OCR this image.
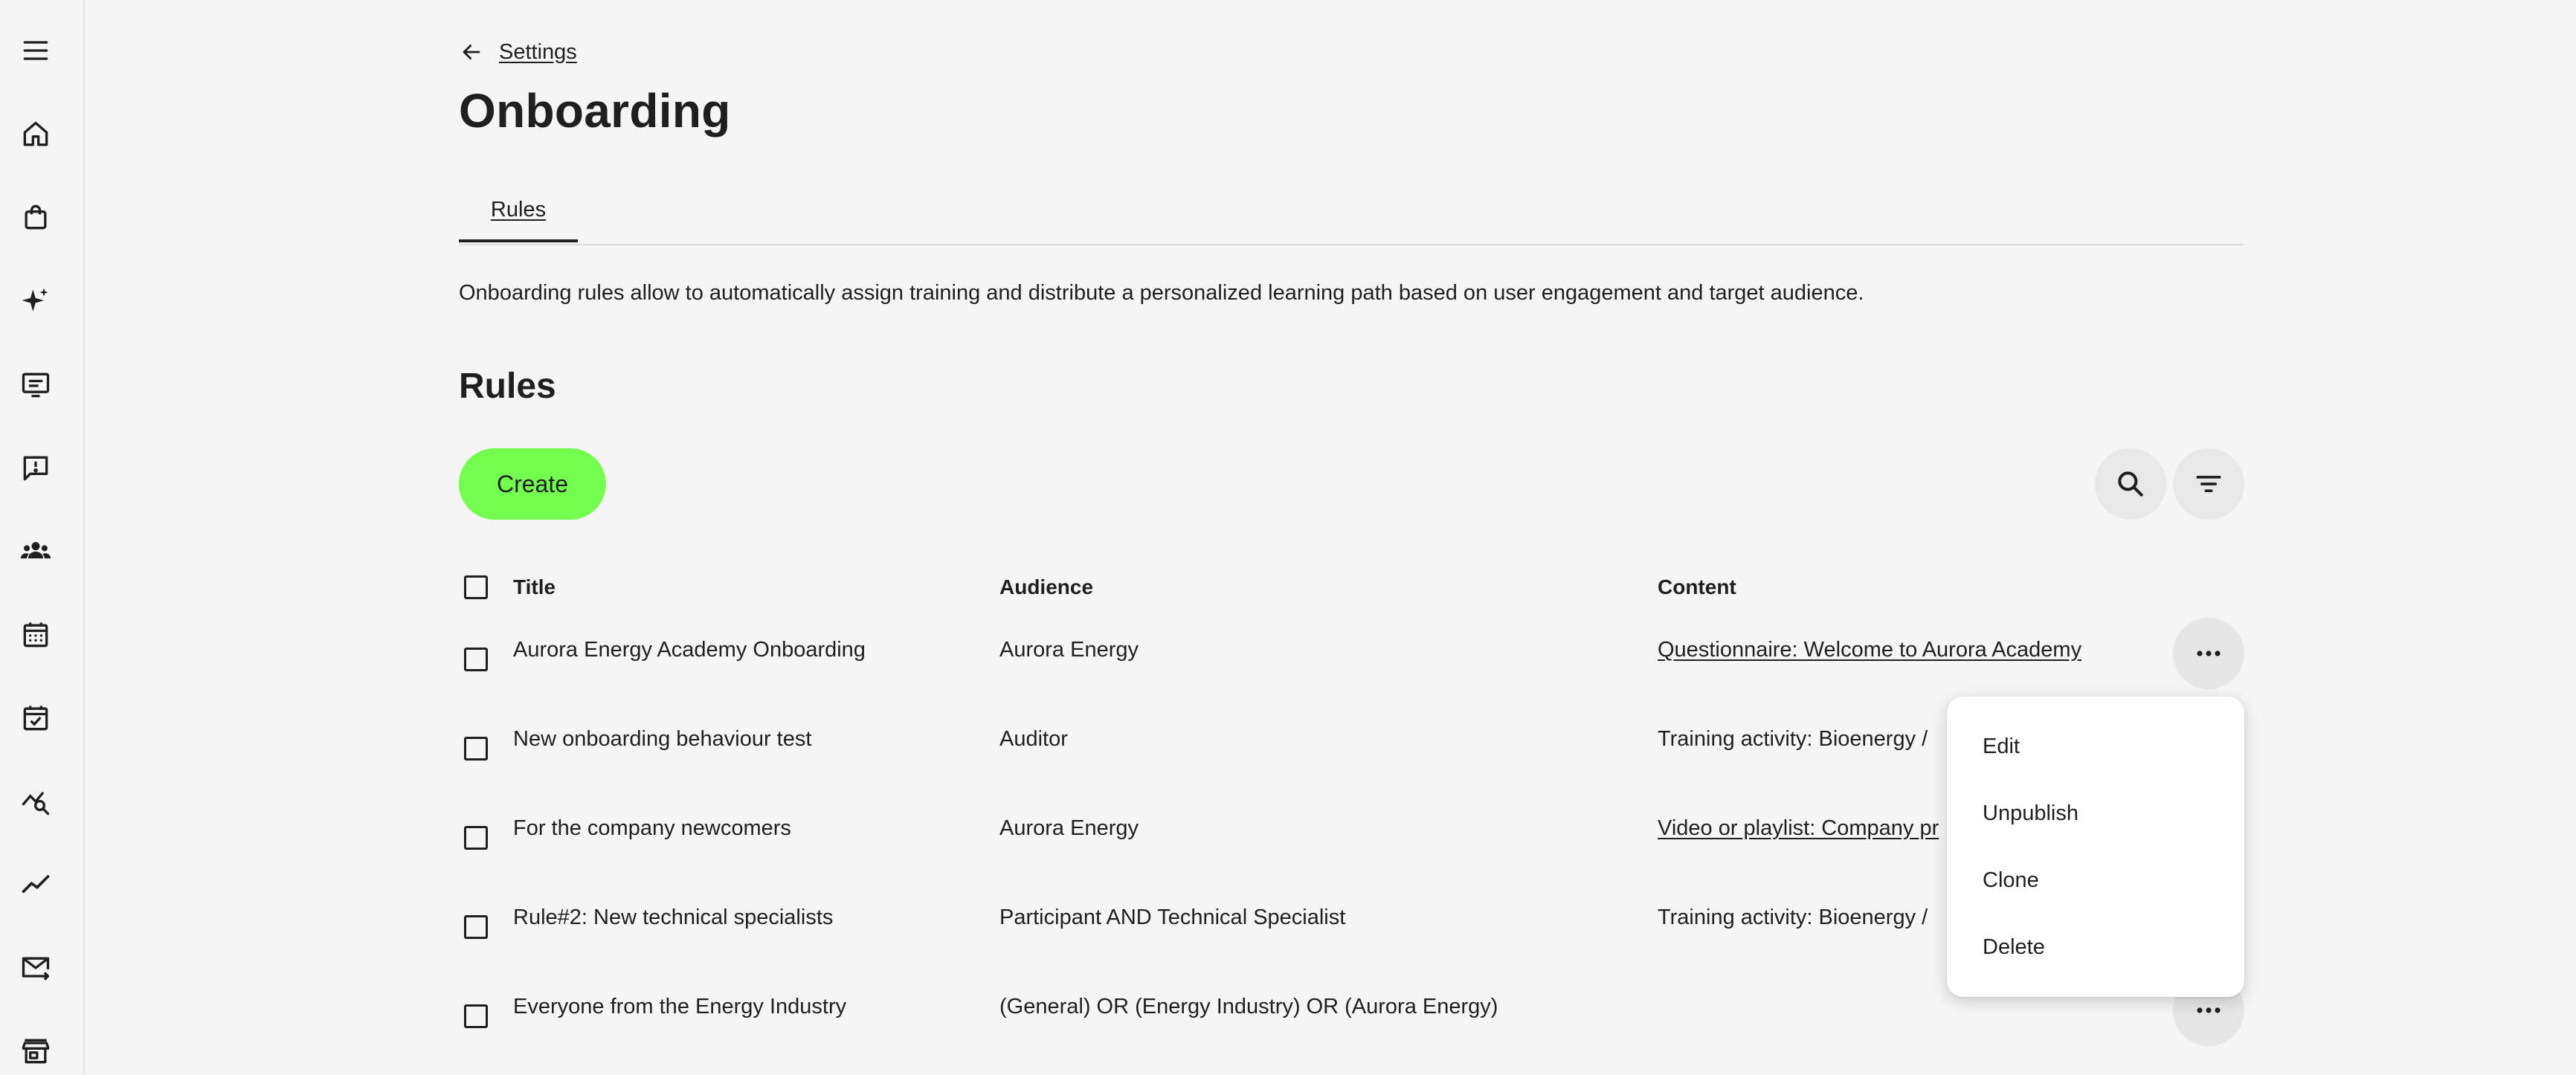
Settings
Onboarding
Rules
Onboarding rules allow to automatically assign training and distribute a personalized learning path based on user engagement and target audience.
Rules
Create
Title	Audience	Content
Aurora Energy Academy Onboarding	Aurora Energy	Questionnaire: Welcome to Aurora Academy
New onboarding behaviour test	Auditor	Training activity: Bioenergy /
For the company newcomers	Aurora Energy	Video or playlist: Company pr
Rule#2: New technical specialists	Participant AND Technical Specialist	Training activity: Bioenergy /
Everyone from the Energy Industry	(General) OR (Energy Industry) OR (Aurora Energy)
Edit
Unpublish
Clone
Delete
